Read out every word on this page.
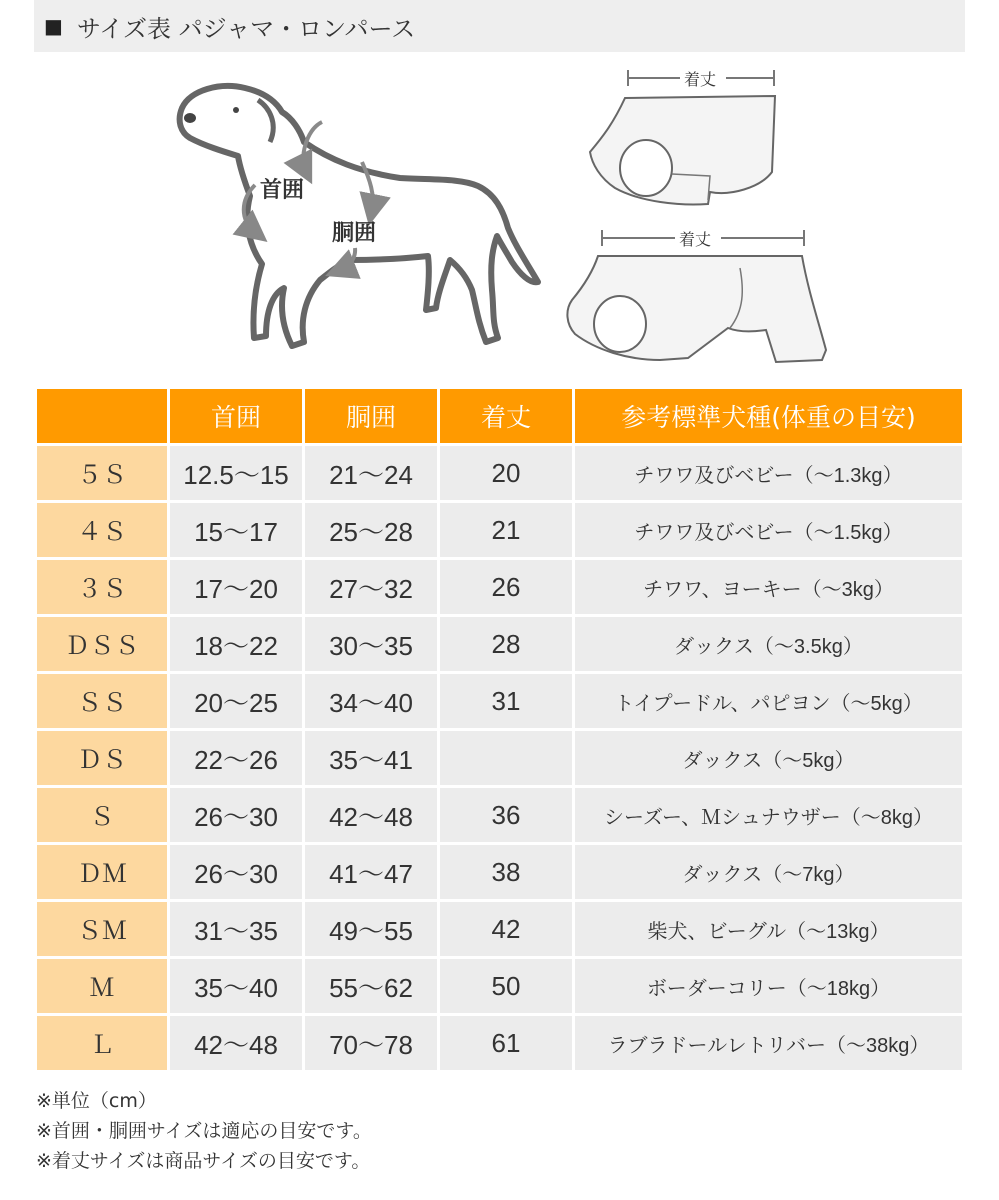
■ サイズ表 パジャマ・ロンパース
首囲
胴囲
着丈
着丈
	首囲	胴囲	着丈	参考標準犬種(体重の目安)
５Ｓ	12.5〜15	21〜24	20	チワワ及びベビー（〜1.3kg）
４Ｓ	15〜17	25〜28	21	チワワ及びベビー（〜1.5kg）
３Ｓ	17〜20	27〜32	26	チワワ、ヨーキー（〜3kg）
ＤＳＳ	18〜22	30〜35	28	ダックス（〜3.5kg）
ＳＳ	20〜25	34〜40	31	トイプードル、パピヨン（〜5kg）
ＤＳ	22〜26	35〜41		ダックス（〜5kg）
Ｓ	26〜30	42〜48	36	シーズー、Ｍシュナウザー（〜8kg）
ＤＭ	26〜30	41〜47	38	ダックス（〜7kg）
ＳＭ	31〜35	49〜55	42	柴犬、ビーグル（〜13kg）
Ｍ	35〜40	55〜62	50	ボーダーコリー（〜18kg）
Ｌ	42〜48	70〜78	61	ラブラドールレトリバー（〜38kg）
※単位（cm）
※首囲・胴囲サイズは適応の目安です。
※着丈サイズは商品サイズの目安です。
